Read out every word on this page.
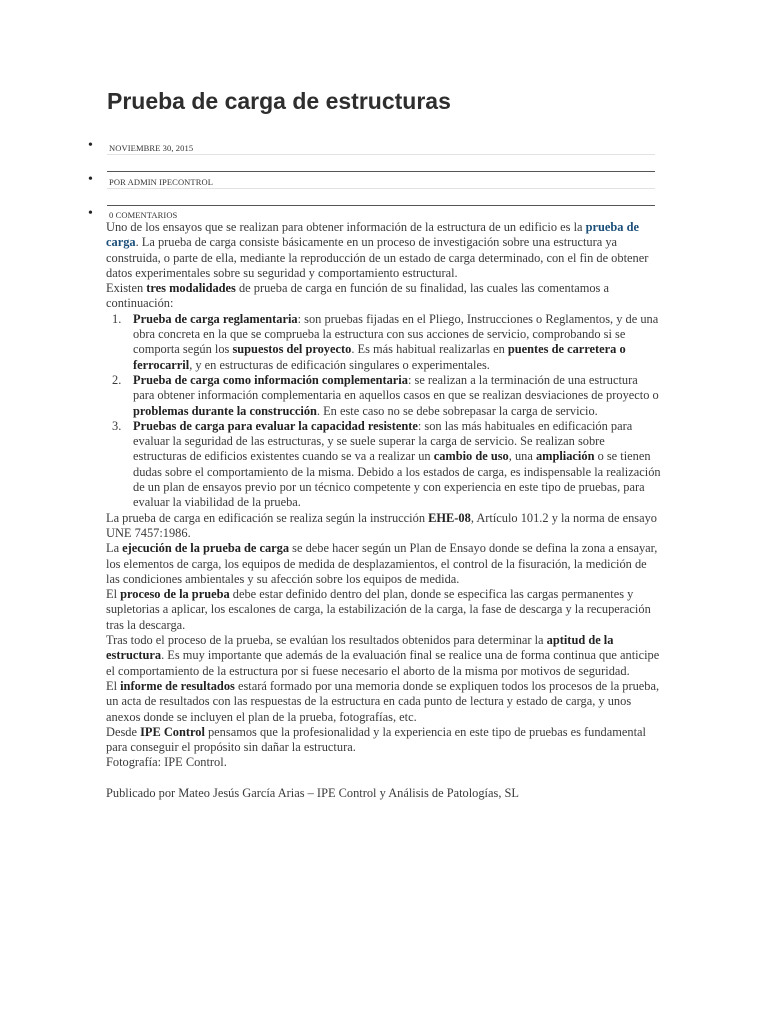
Prueba de carga de estructuras
• NOVIEMBRE 30, 2015
• POR ADMIN IPECONTROL
• 0 COMENTARIOS

Uno de los ensayos que se realizan para obtener información de la estructura de un edificio es la prueba de carga. La prueba de carga consiste básicamente en un proceso de investigación sobre una estructura ya construida, o parte de ella, mediante la reproducción de un estado de carga determinado, con el fin de obtener datos experimentales sobre su seguridad y comportamiento estructural.

Existen tres modalidades de prueba de carga en función de su finalidad, las cuales las comentamos a continuación:

1. Prueba de carga reglamentaria: son pruebas fijadas en el Pliego, Instrucciones o Reglamentos, y de una obra concreta en la que se comprueba la estructura con sus acciones de servicio, comprobando si se comporta según los supuestos del proyecto. Es más habitual realizarlas en puentes de carretera o ferrocarril, y en estructuras de edificación singulares o experimentales.
2. Prueba de carga como información complementaria: se realizan a la terminación de una estructura para obtener información complementaria en aquellos casos en que se realizan desviaciones de proyecto o problemas durante la construcción. En este caso no se debe sobrepasar la carga de servicio.
3. Pruebas de carga para evaluar la capacidad resistente: son las más habituales en edificación para evaluar la seguridad de las estructuras, y se suele superar la carga de servicio. Se realizan sobre estructuras de edificios existentes cuando se va a realizar un cambio de uso, una ampliación o se tienen dudas sobre el comportamiento de la misma. Debido a los estados de carga, es indispensable la realización de un plan de ensayos previo por un técnico competente y con experiencia en este tipo de pruebas, para evaluar la viabilidad de la prueba.

La prueba de carga en edificación se realiza según la instrucción EHE-08, Artículo 101.2 y la norma de ensayo UNE 7457:1986.

La ejecución de la prueba de carga se debe hacer según un Plan de Ensayo donde se defina la zona a ensayar, los elementos de carga, los equipos de medida de desplazamientos, el control de la fisuración, la medición de las condiciones ambientales y su afección sobre los equipos de medida.

El proceso de la prueba debe estar definido dentro del plan, donde se especifica las cargas permanentes y supletorias a aplicar, los escalones de carga, la estabilización de la carga, la fase de descarga y la recuperación tras la descarga.

Tras todo el proceso de la prueba, se evalúan los resultados obtenidos para determinar la aptitud de la estructura. Es muy importante que además de la evaluación final se realice una de forma continua que anticipe el comportamiento de la estructura por si fuese necesario el aborto de la misma por motivos de seguridad.

El informe de resultados estará formado por una memoria donde se expliquen todos los procesos de la prueba, un acta de resultados con las respuestas de la estructura en cada punto de lectura y estado de carga, y unos anexos donde se incluyen el plan de la prueba, fotografías, etc.

Desde IPE Control pensamos que la profesionalidad y la experiencia en este tipo de pruebas es fundamental para conseguir el propósito sin dañar la estructura.

Fotografía: IPE Control.

Publicado por Mateo Jesús García Arias – IPE Control y Análisis de Patologías, SL
